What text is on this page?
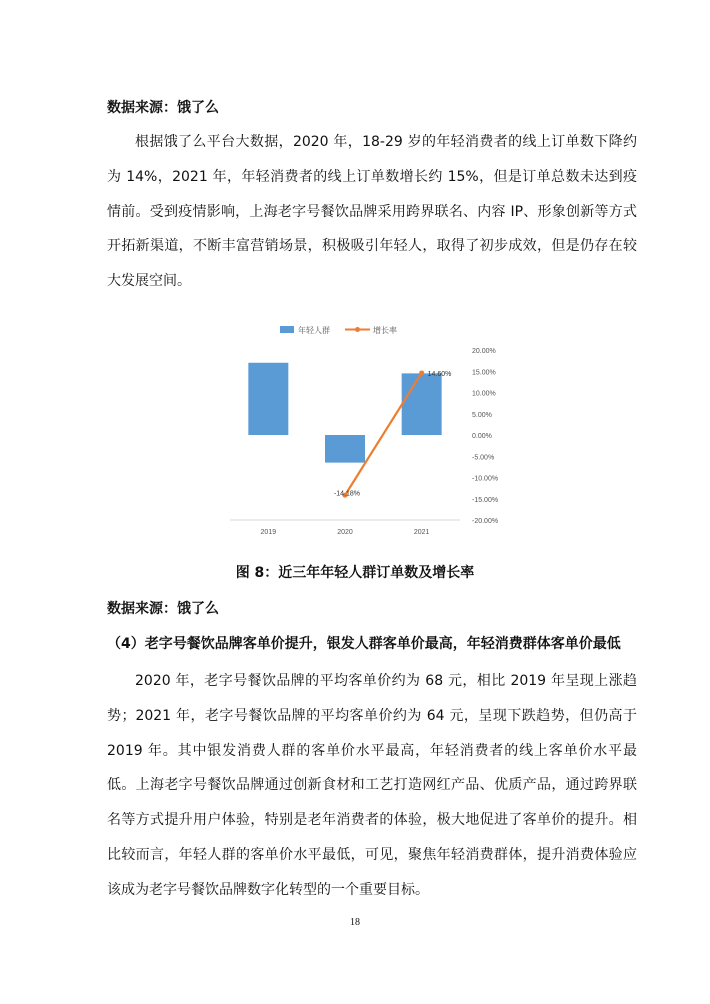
数据来源：饿了么
根据饿了么平台大数据，2020 年，18-29 岁的年轻消费者的线上订单数下降约为 14%，2021 年，年轻消费者的线上订单数增长约 15%，但是订单总数未达到疫情前。受到疫情影响，上海老字号餐饮品牌采用跨界联名、内容 IP、形象创新等方式开拓新渠道，不断丰富营销场景，积极吸引年轻人，取得了初步成效，但是仍存在较大发展空间。
年轻人群	增长率
20.00%
15.00%
10.00%
5.00%
0.00%
-5.00%
-10.00%
-15.00%
-20.00%
2019	2020	2021
-14.18%
14.60%
图 8：近三年年轻人群订单数及增长率
数据来源：饿了么
（4）老字号餐饮品牌客单价提升，银发人群客单价最高，年轻消费群体客单价最低
2020 年，老字号餐饮品牌的平均客单价约为 68 元，相比 2019 年呈现上涨趋势；2021 年，老字号餐饮品牌的平均客单价约为 64 元，呈现下跌趋势，但仍高于 2019 年。其中银发消费人群的客单价水平最高，年轻消费者的线上客单价水平最低。上海老字号餐饮品牌通过创新食材和工艺打造网红产品、优质产品，通过跨界联名等方式提升用户体验，特别是老年消费者的体验，极大地促进了客单价的提升。相比较而言，年轻人群的客单价水平最低，可见，聚焦年轻消费群体，提升消费体验应该成为老字号餐饮品牌数字化转型的一个重要目标。
18
